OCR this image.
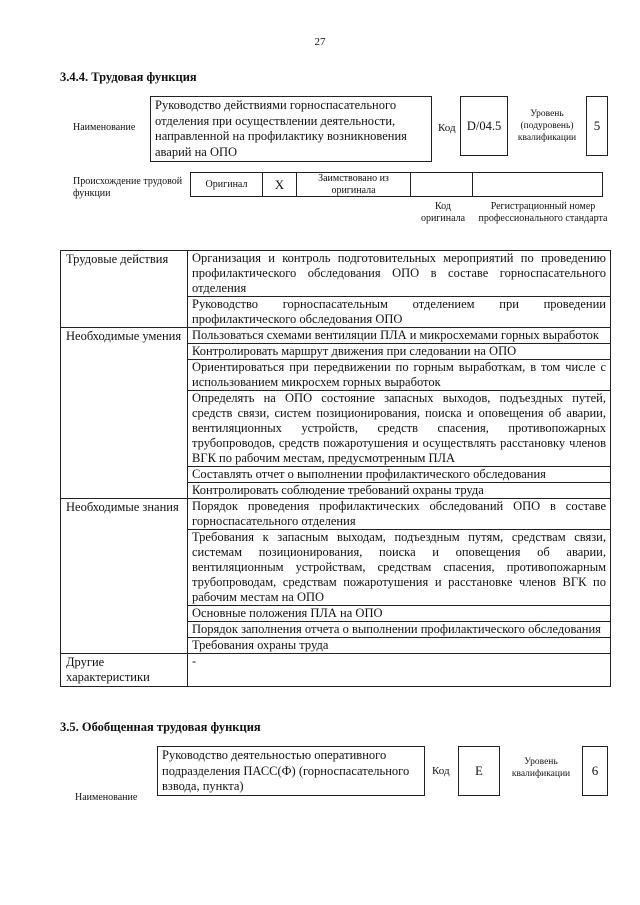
27
3.4.4. Трудовая функция
Наименование
Руководство действиями горноспасательного отделения при осуществлении деятельности, направленной на профилактику возникновения аварий на ОПО
Код D/04.5
Уровень (подуровень) квалификации
5
Происхождение трудовой функции
Оригинал	X	Заимствовано из оригинала		
Код оригинала
Регистрационный номер профессионального стандарта
Трудовые действия	Организация и контроль подготовительных мероприятий по проведению профилактического обследования ОПО в составе горноспасательного отделения
	Руководство горноспасательным отделением при проведении профилактического обследования ОПО
Необходимые умения	Пользоваться схемами вентиляции ПЛА и микросхемами горных выработок
	Контролировать маршрут движения при следовании на ОПО
	Ориентироваться при передвижении по горным выработкам, в том числе с использованием микросхем горных выработок
	Определять на ОПО состояние запасных выходов, подъездных путей, средств связи, систем позиционирования, поиска и оповещения об аварии, вентиляционных устройств, средств спасения, противопожарных трубопроводов, средств пожаротушения и осуществлять расстановку членов ВГК по рабочим местам, предусмотренным ПЛА
	Составлять отчет о выполнении профилактического обследования
	Контролировать соблюдение требований охраны труда
Необходимые знания	Порядок проведения профилактических обследований ОПО в составе горноспасательного отделения
	Требования к запасным выходам, подъездным путям, средствам связи, системам позиционирования, поиска и оповещения об аварии, вентиляционным устройствам, средствам спасения, противопожарным трубопроводам, средствам пожаротушения и расстановке членов ВГК по рабочим местам на ОПО
	Основные положения ПЛА на ОПО
	Порядок заполнения отчета о выполнении профилактического обследования
	Требования охраны труда
Другие характеристики	-
3.5. Обобщенная трудовая функция
Наименование
Руководство деятельностью оперативного подразделения ПАСС(Ф) (горноспасательного взвода, пункта)
Код	E
Уровень квалификации	6
